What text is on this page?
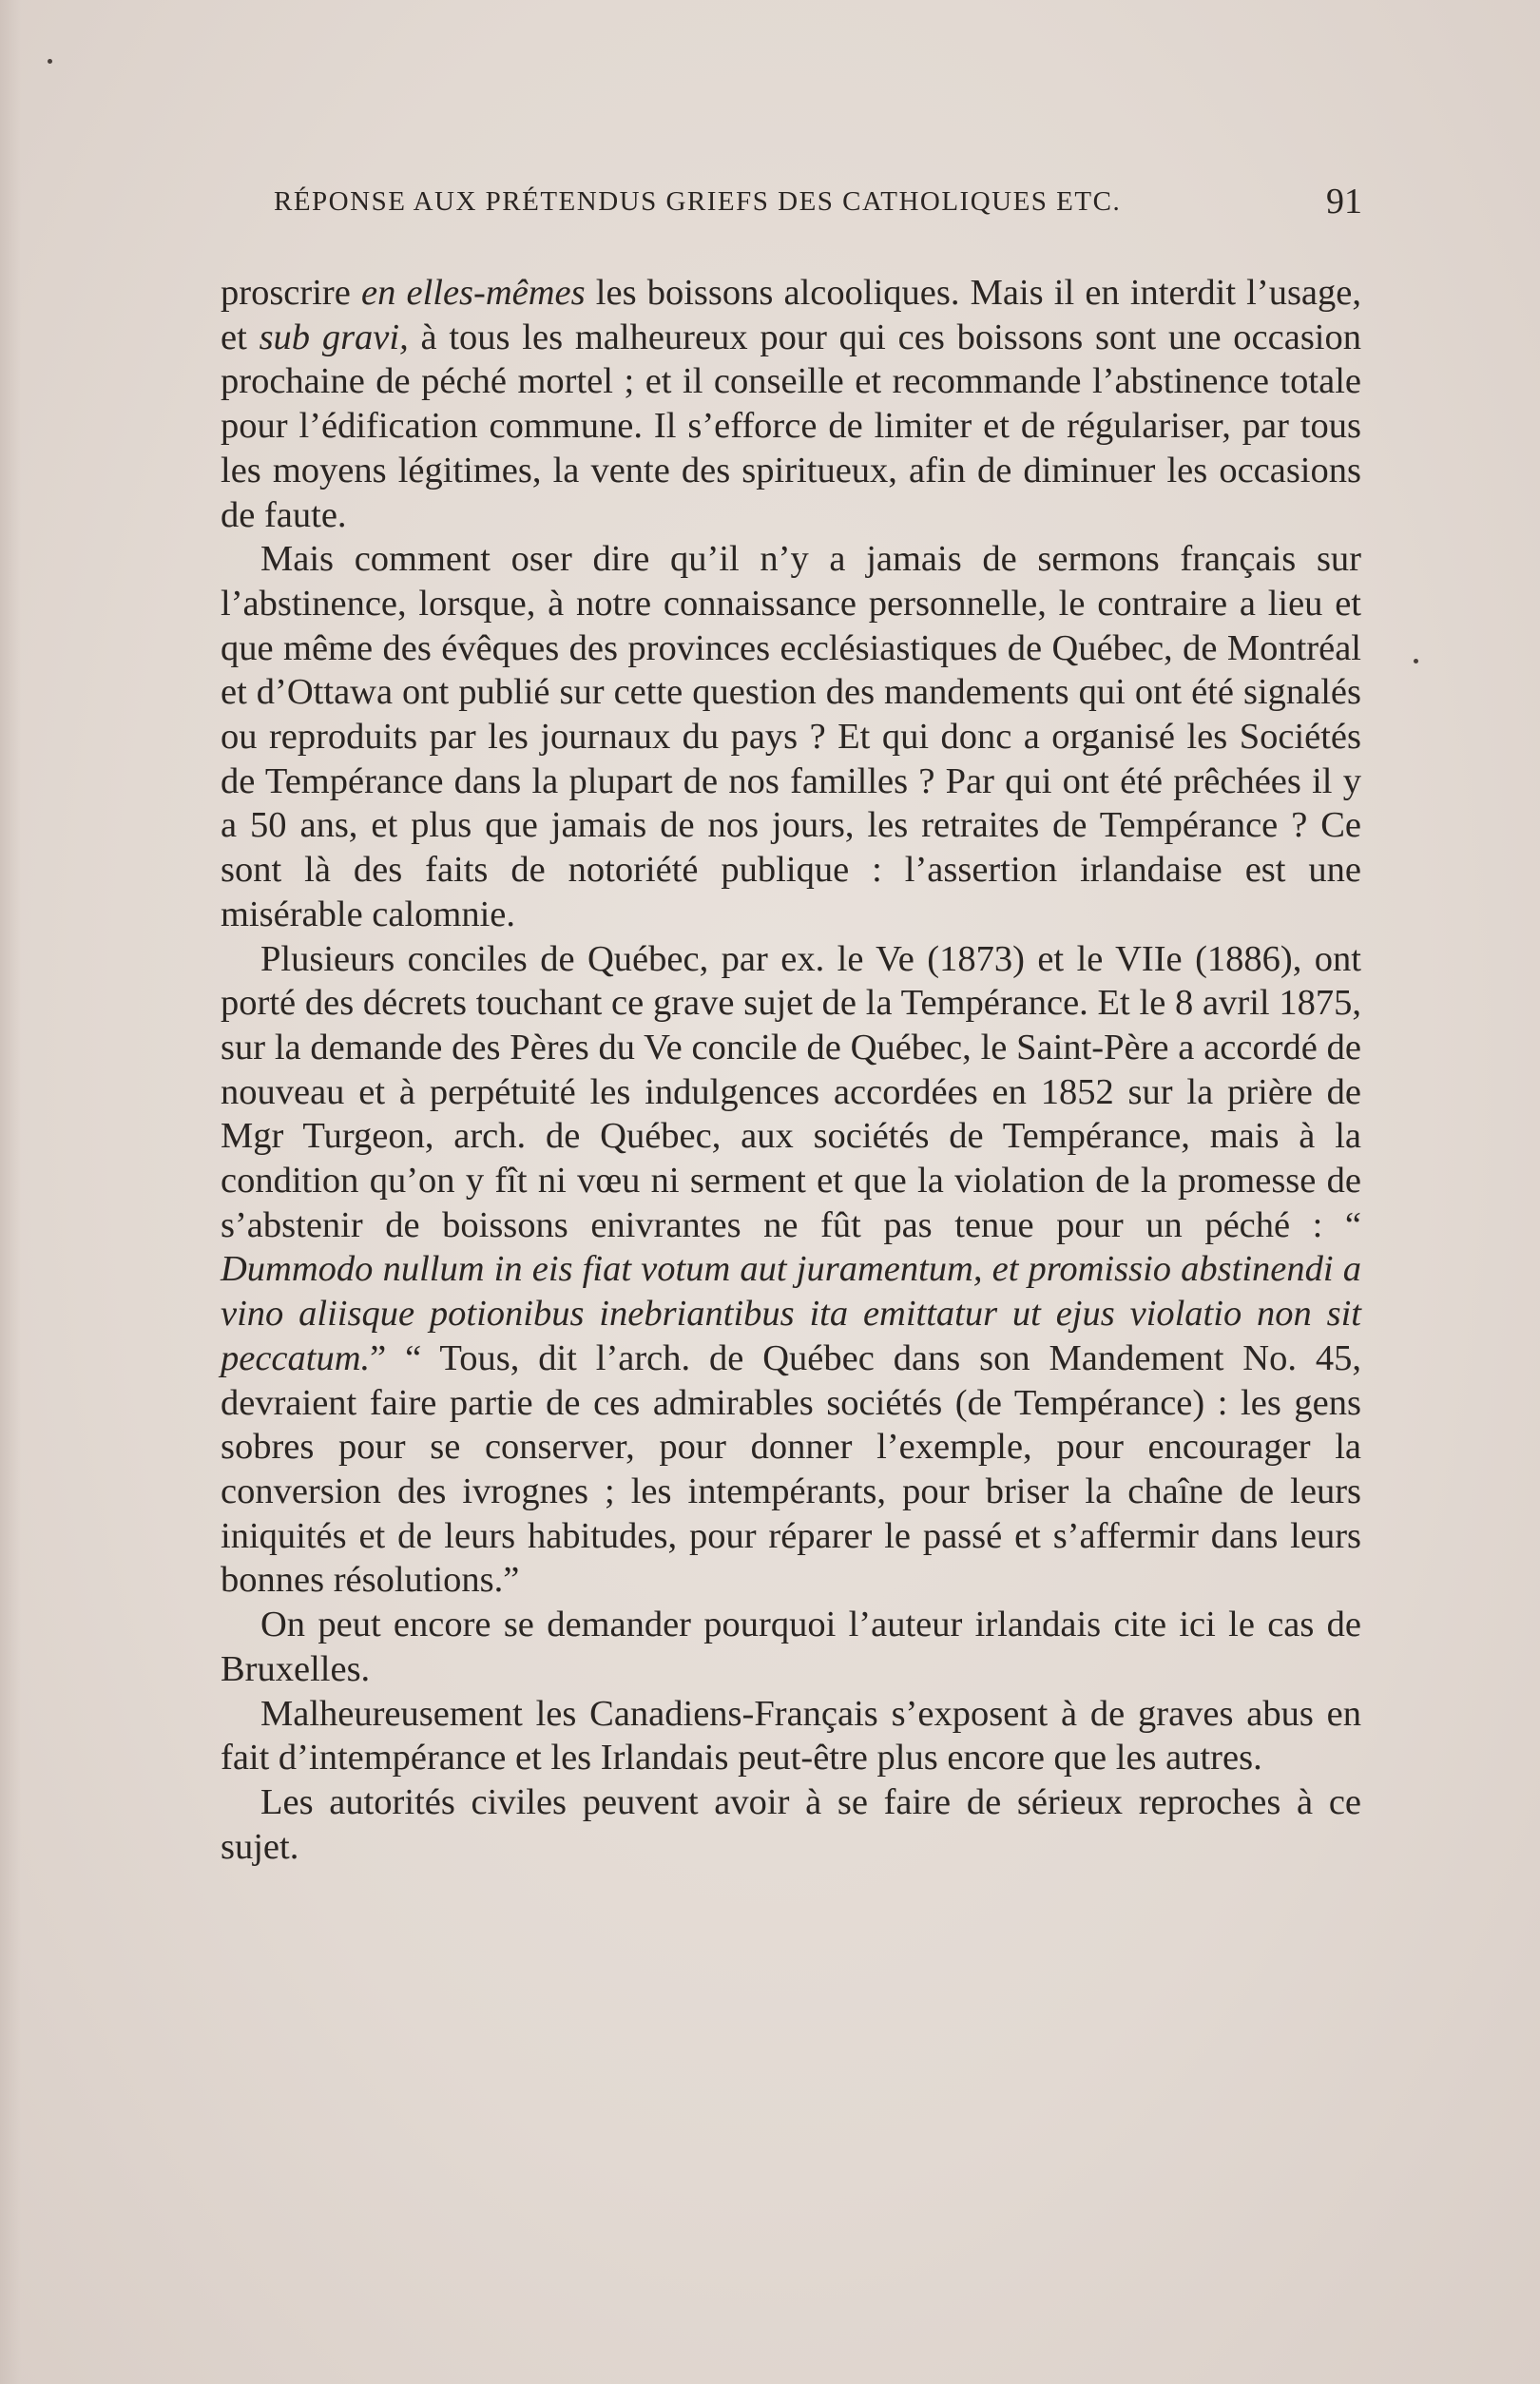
RÉPONSE AUX PRÉTENDUS GRIEFS DES CATHOLIQUES ETC.	91

proscrire en elles-mêmes les boissons alcooliques. Mais il en interdit l’usage, et sub gravi, à tous les malheureux pour qui ces boissons sont une occasion prochaine de péché mortel ; et il conseille et recommande l’abstinence totale pour l’édification commune. Il s’efforce de limiter et de régulariser, par tous les moyens légitimes, la vente des spiritueux, afin de diminuer les occasions de faute.

Mais comment oser dire qu’il n’y a jamais de sermons français sur l’abstinence, lorsque, à notre connaissance personnelle, le contraire a lieu et que même des évêques des provinces ecclésiastiques de Québec, de Montréal et d’Ottawa ont publié sur cette question des mandements qui ont été signalés ou reproduits par les journaux du pays ? Et qui donc a organisé les Sociétés de Tempérance dans la plupart de nos familles ? Par qui ont été prêchées il y a 50 ans, et plus que jamais de nos jours, les retraites de Tempérance ? Ce sont là des faits de notoriété publique : l’assertion irlandaise est une misérable calomnie.

Plusieurs conciles de Québec, par ex. le Ve (1873) et le VIIe (1886), ont porté des décrets touchant ce grave sujet de la Tempérance. Et le 8 avril 1875, sur la demande des Pères du Ve concile de Québec, le Saint-Père a accordé de nouveau et à perpétuité les indulgences accordées en 1852 sur la prière de Mgr Turgeon, arch. de Québec, aux sociétés de Tempérance, mais à la condition qu’on y fît ni vœu ni serment et que la violation de la promesse de s’abstenir de boissons enivrantes ne fût pas tenue pour un péché : “ Dummodo nullum in eis fiat votum aut juramentum, et promissio abstinendi a vino aliisque potionibus inebriantibus ita emittatur ut ejus violatio non sit peccatum.” “ Tous, dit l’arch. de Québec dans son Mandement No. 45, devraient faire partie de ces admirables sociétés (de Tempérance) : les gens sobres pour se conserver, pour donner l’exemple, pour encourager la conversion des ivrognes ; les intempérants, pour briser la chaîne de leurs iniquités et de leurs habitudes, pour réparer le passé et s’affermir dans leurs bonnes résolutions.”

On peut encore se demander pourquoi l’auteur irlandais cite ici le cas de Bruxelles.

Malheureusement les Canadiens-Français s’exposent à de graves abus en fait d’intempérance et les Irlandais peut-être plus encore que les autres.

Les autorités civiles peuvent avoir à se faire de sérieux reproches à ce sujet.
